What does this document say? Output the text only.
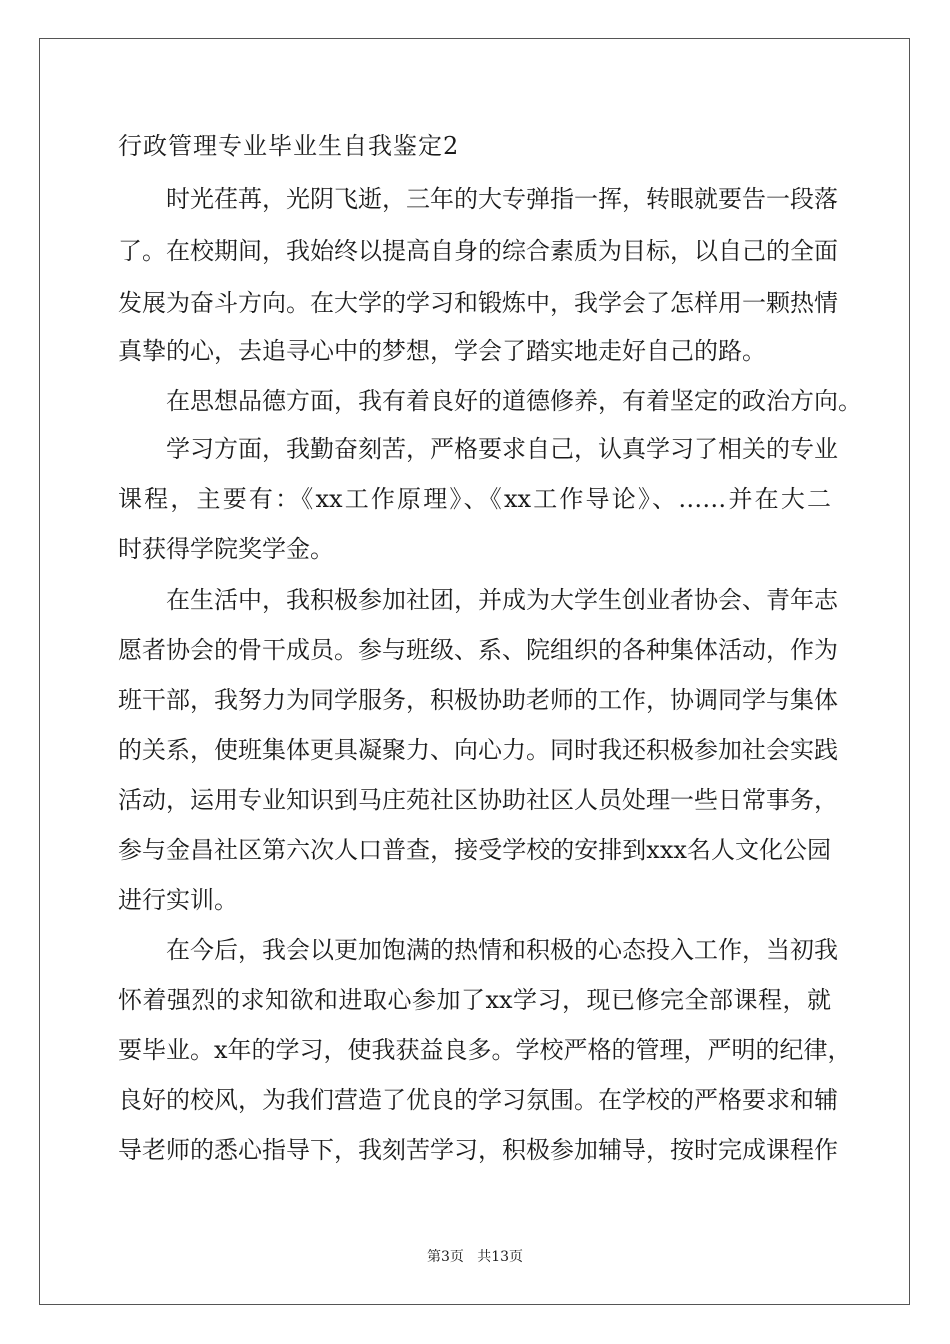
行政管理专业毕业生自我鉴定2
时光荏苒，光阴飞逝，三年的大专弹指一挥，转眼就要告一段落
了。在校期间，我始终以提高自身的综合素质为目标，以自己的全面
发展为奋斗方向。在大学的学习和锻炼中，我学会了怎样用一颗热情
真挚的心，去追寻心中的梦想，学会了踏实地走好自己的路。
在思想品德方面，我有着良好的道德修养，有着坚定的政治方向。
学习方面，我勤奋刻苦，严格要求自己，认真学习了相关的专业
课程，主要有：《xx工作原理》、《xx工作导论》、……并在大二
时获得学院奖学金。
在生活中，我积极参加社团，并成为大学生创业者协会、青年志
愿者协会的骨干成员。参与班级、系、院组织的各种集体活动，作为
班干部，我努力为同学服务，积极协助老师的工作，协调同学与集体
的关系，使班集体更具凝聚力、向心力。同时我还积极参加社会实践
活动，运用专业知识到马庄苑社区协助社区人员处理一些日常事务，
参与金昌社区第六次人口普查，接受学校的安排到xxx名人文化公园
进行实训。
在今后，我会以更加饱满的热情和积极的心态投入工作，当初我
怀着强烈的求知欲和进取心参加了xx学习，现已修完全部课程，就
要毕业。x年的学习，使我获益良多。学校严格的管理，严明的纪律，
良好的校风，为我们营造了优良的学习氛围。在学校的严格要求和辅
导老师的悉心指导下，我刻苦学习，积极参加辅导，按时完成课程作
第3页   共13页
